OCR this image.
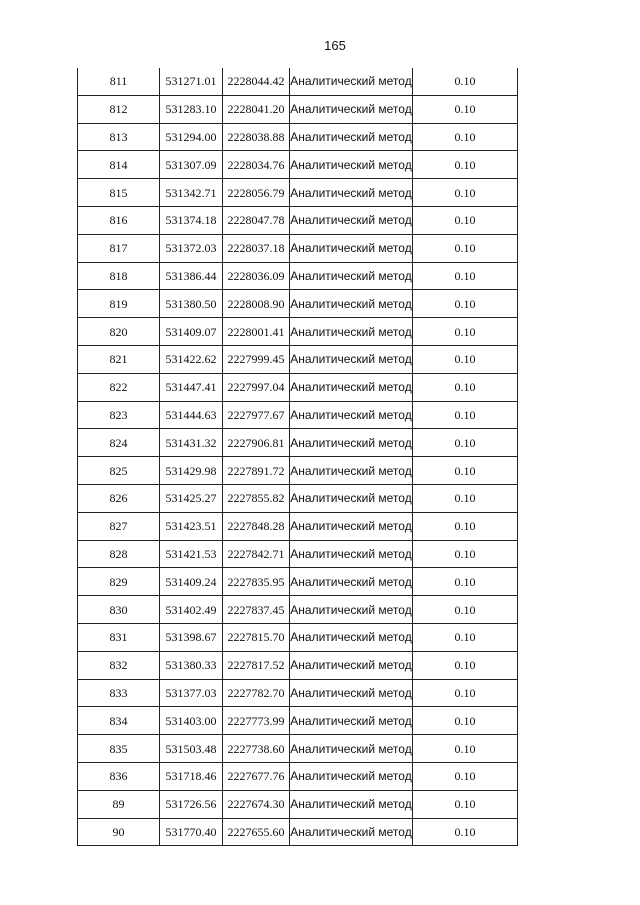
165
811	531271.01	2228044.42	Аналитический метод	0.10
812	531283.10	2228041.20	Аналитический метод	0.10
813	531294.00	2228038.88	Аналитический метод	0.10
814	531307.09	2228034.76	Аналитический метод	0.10
815	531342.71	2228056.79	Аналитический метод	0.10
816	531374.18	2228047.78	Аналитический метод	0.10
817	531372.03	2228037.18	Аналитический метод	0.10
818	531386.44	2228036.09	Аналитический метод	0.10
819	531380.50	2228008.90	Аналитический метод	0.10
820	531409.07	2228001.41	Аналитический метод	0.10
821	531422.62	2227999.45	Аналитический метод	0.10
822	531447.41	2227997.04	Аналитический метод	0.10
823	531444.63	2227977.67	Аналитический метод	0.10
824	531431.32	2227906.81	Аналитический метод	0.10
825	531429.98	2227891.72	Аналитический метод	0.10
826	531425.27	2227855.82	Аналитический метод	0.10
827	531423.51	2227848.28	Аналитический метод	0.10
828	531421.53	2227842.71	Аналитический метод	0.10
829	531409.24	2227835.95	Аналитический метод	0.10
830	531402.49	2227837.45	Аналитический метод	0.10
831	531398.67	2227815.70	Аналитический метод	0.10
832	531380.33	2227817.52	Аналитический метод	0.10
833	531377.03	2227782.70	Аналитический метод	0.10
834	531403.00	2227773.99	Аналитический метод	0.10
835	531503.48	2227738.60	Аналитический метод	0.10
836	531718.46	2227677.76	Аналитический метод	0.10
89	531726.56	2227674.30	Аналитический метод	0.10
90	531770.40	2227655.60	Аналитический метод	0.10
